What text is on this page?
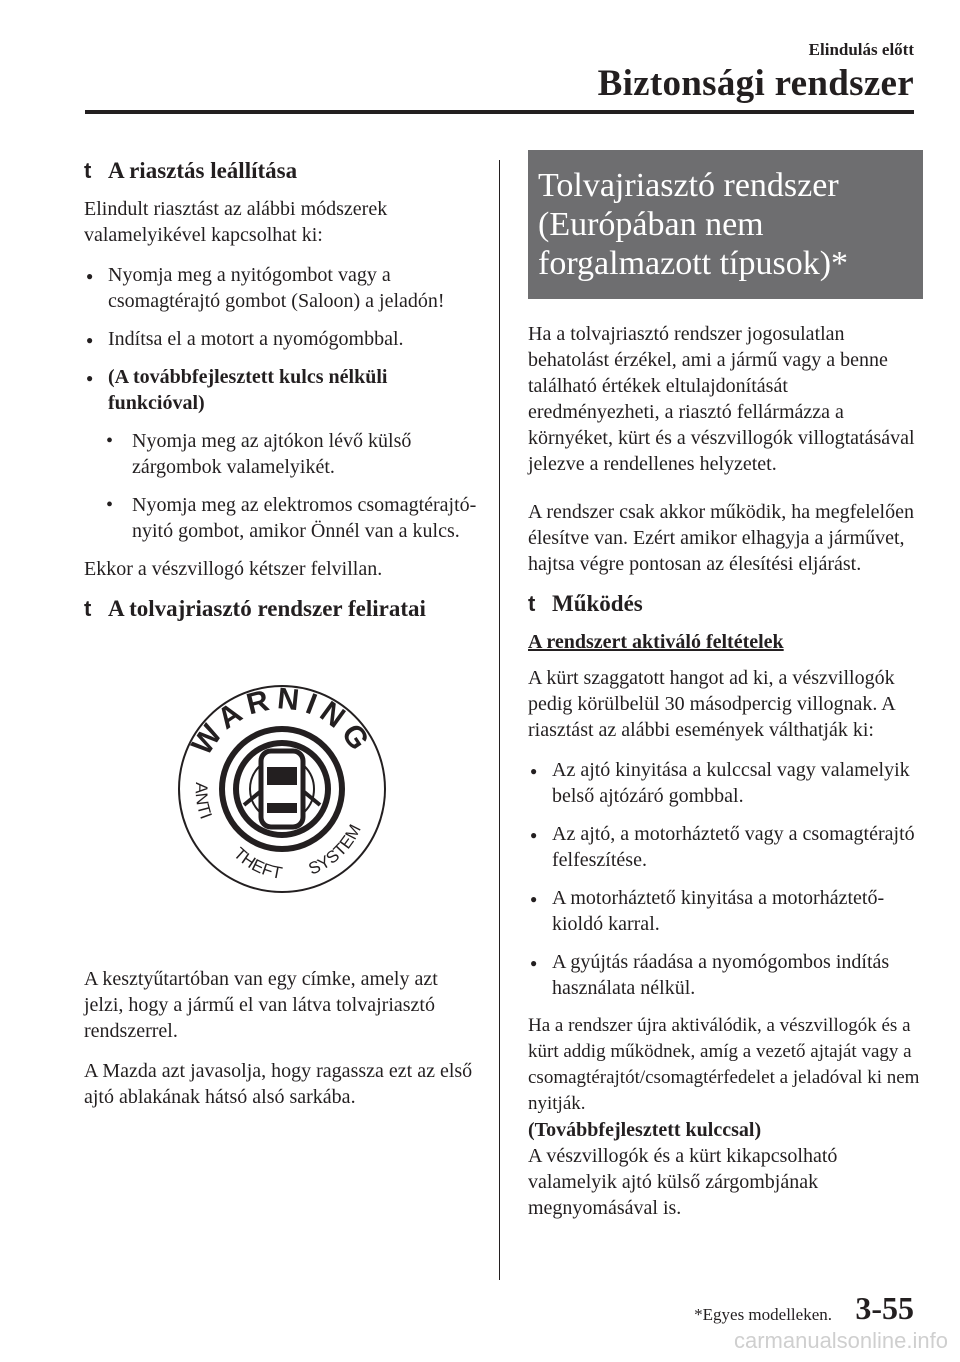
Elindulás előtt
Biztonsági rendszer
t A riasztás leállítása

Elindult riasztást az alábbi módszerek valamelyikével kapcsolhat ki:

● Nyomja meg a nyitógombot vagy a csomagtérajtó gombot (Saloon) a jeladón!
● Indítsa el a motort a nyomógombbal.
● (A továbbfejlesztett kulcs nélküli funkcióval)
• Nyomja meg az ajtókon lévő külső zárgombok valamelyikét.
• Nyomja meg az elektromos csomagtérajtó-nyitó gombot, amikor Önnél van a kulcs.

Ekkor a vészvillogó kétszer felvillan.

t A tolvajriasztó rendszer feliratai
WARNING
ANTI
THEFT SYSTEM

A kesztyűtartóban van egy címke, amely azt jelzi, hogy a jármű el van látva tolvajriasztó rendszerrel.

A Mazda azt javasolja, hogy ragassza ezt az első ajtó ablakának hátsó alsó sarkába.

Tolvajriasztó rendszer (Európában nem forgalmazott típusok)*

Ha a tolvajriasztó rendszer jogosulatlan behatolást érzékel, ami a jármű vagy a benne található értékek eltulajdonítását eredményezheti, a riasztó fellármázza a környéket, kürt és a vészvillogók villogtatásával jelezve a rendellenes helyzetet.

A rendszer csak akkor működik, ha megfelelően élesítve van. Ezért amikor elhagyja a járművet, hajtsa végre pontosan az élesítési eljárást.

t Működés

A rendszert aktiváló feltételek

A kürt szaggatott hangot ad ki, a vészvillogók pedig körülbelül 30 másodpercig villognak. A riasztást az alábbi események válthatják ki:

● Az ajtó kinyitása a kulccsal vagy valamelyik belső ajtózáró gombbal.
● Az ajtó, a motorháztető vagy a csomagtérajtó felfeszítése.
● A motorháztető kinyitása a motorháztető-kioldó karral.
● A gyújtás ráadása a nyomógombos indítás használata nélkül.

Ha a rendszer újra aktiválódik, a vészvillogók és a kürt addig működnek, amíg a vezető ajtaját vagy a csomagtérajtót/csomagtérfedelet a jeladóval ki nem nyitják.

(Továbbfejlesztett kulccsal)

A vészvillogók és a kürt kikapcsolható valamelyik ajtó külső zárgombjának megnyomásával is.

*Egyes modelleken. 3-55
carmanualsonline.info
